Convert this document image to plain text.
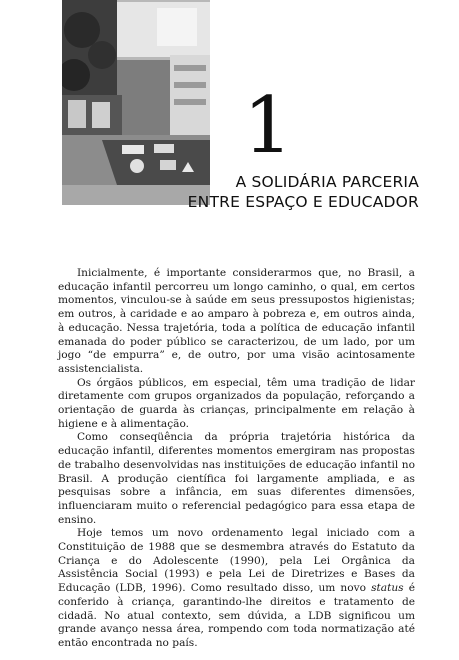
1
A SOLIDÁRIA PARCERIA
ENTRE ESPAÇO E EDUCADOR

Inicialmente, é importante considerarmos que, no Brasil, a educação infantil percorreu um longo caminho, o qual, em certos momentos, vinculou-se à saúde em seus pressupostos higienistas; em outros, à caridade e ao amparo à pobreza e, em outros ainda, à educação. Nessa trajetória, toda a política de educação infantil emanada do poder público se caracterizou, de um lado, por um jogo “de empurra” e, de outro, por uma visão acintosamente assistencialista.

Os órgãos públicos, em especial, têm uma tradição de lidar diretamente com grupos organizados da população, reforçando a orientação de guarda às crianças, principalmente em relação à higiene e à alimentação.

Como conseqüência da própria trajetória histórica da educação infantil, diferentes momentos emergiram nas propostas de trabalho desenvolvidas nas instituições de educação infantil no Brasil. A produção científica foi largamente ampliada, e as pesquisas sobre a infância, em suas diferentes dimensões, influenciaram muito o referencial pedagógico para essa etapa de ensino.

Hoje temos um novo ordenamento legal iniciado com a Constituição de 1988 que se desmembra através do Estatuto da Criança e do Adolescente (1990), pela Lei Orgânica da Assistência Social (1993) e pela Lei de Diretrizes e Bases da Educação (LDB, 1996). Como resultado disso, um novo status é conferido à criança, garantindo-lhe direitos e tratamento de cidadã. No atual contexto, sem dúvida, a LDB significou um grande avanço nessa área, rompendo com toda normatização até então encontrada no país.
